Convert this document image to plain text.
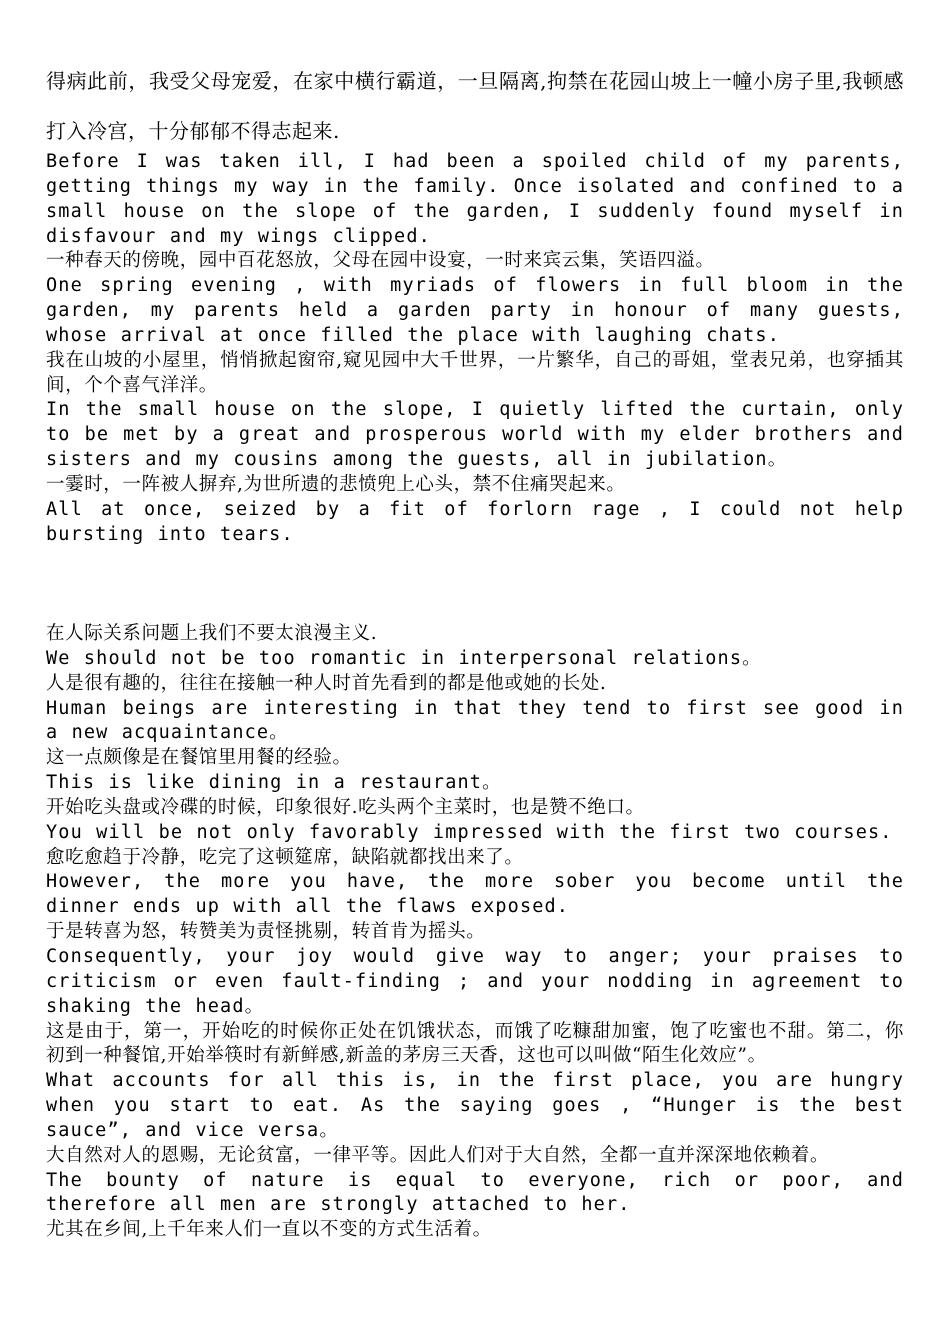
得病此前，我受父母宠爱，在家中横行霸道，一旦隔离,拘禁在花园山坡上一幢小房子里,我顿感打入冷宫，十分郁郁不得志起来.

Before I was taken ill, I had been a spoiled child of my parents, getting things my way in the family. Once isolated and confined to a small house on the slope of the garden, I suddenly found myself in disfavour and my wings clipped.

一种春天的傍晚，园中百花怒放，父母在园中设宴，一时来宾云集，笑语四溢。

One spring evening , with myriads of flowers in full bloom in the garden, my parents held a garden party in honour of many guests, whose arrival at once filled the place with laughing chats.

我在山坡的小屋里，悄悄掀起窗帘,窥见园中大千世界，一片繁华，自己的哥姐，堂表兄弟，也穿插其间，个个喜气洋洋。

In the small house on the slope, I quietly lifted the curtain, only to be met by a great and prosperous world with my elder brothers and sisters and my cousins among the guests, all in jubilation。

一霎时，一阵被人摒弃,为世所遗的悲愤兜上心头，禁不住痛哭起来。

All at once, seized by a fit of forlorn rage , I could not help bursting into tears.

在人际关系问题上我们不要太浪漫主义.

We should not be too romantic in interpersonal relations。

人是很有趣的，往往在接触一种人时首先看到的都是他或她的长处.

Human beings are interesting in that they tend to first see good in a new acquaintance。

这一点颇像是在餐馆里用餐的经验。

This is like dining in a restaurant。

开始吃头盘或冷碟的时候，印象很好.吃头两个主菜时，也是赞不绝口。

You will be not only favorably impressed with the first two courses.

愈吃愈趋于冷静，吃完了这顿筵席，缺陷就都找出来了。

However, the more you have, the more sober you become until the dinner ends up with all the flaws exposed.

于是转喜为怒，转赞美为责怪挑剔，转首肯为摇头。

Consequently, your joy would give way to anger; your praises to criticism or even fault-finding ; and your nodding in agreement to shaking the head。

这是由于，第一，开始吃的时候你正处在饥饿状态，而饿了吃糠甜加蜜，饱了吃蜜也不甜。第二，你初到一种餐馆,开始举筷时有新鲜感,新盖的茅房三天香，这也可以叫做“陌生化效应”。

What accounts for all this is, in the first place, you are hungry when you start to eat. As the saying goes , “Hunger is the best sauce”, and vice versa。

大自然对人的恩赐，无论贫富，一律平等。因此人们对于大自然，全都一直并深深地依赖着。

The bounty of nature is equal to everyone, rich or poor, and therefore all men are strongly attached to her.

尤其在乡间,上千年来人们一直以不变的方式生活着。
